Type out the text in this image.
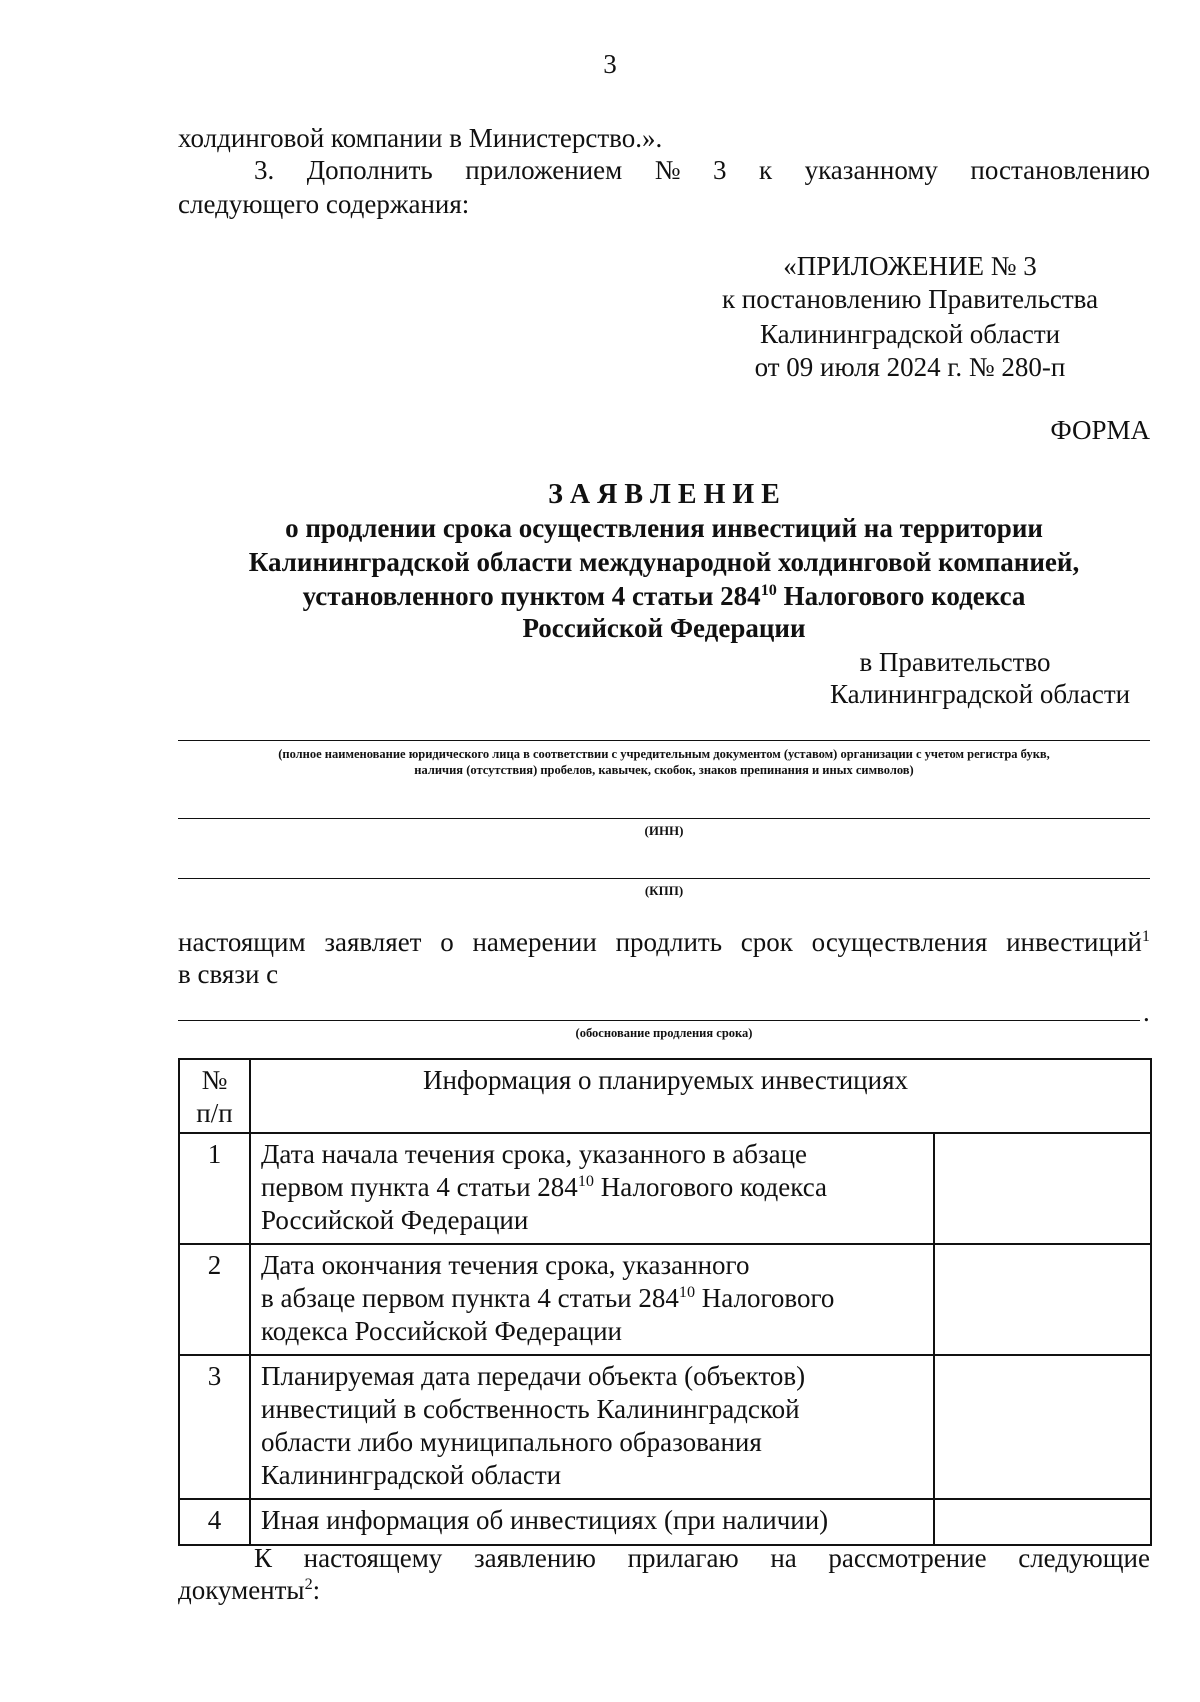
3
холдинговой компании в Министерство.».
3. Дополнить приложением № 3 к указанному постановлению
следующего содержания:
«ПРИЛОЖЕНИЕ № 3
к постановлению Правительства
Калининградской области
от 09 июля 2024 г. № 280-п
ФОРМА
З А Я В Л Е Н И Е
о продлении срока осуществления инвестиций на территории
Калининградской области международной холдинговой компанией,
установленного пунктом 4 статьи $284^{10}$ Налогового кодекса
Российской Федерации
в Правительство
Калининградской области
(полное наименование юридического лица в соответствии с учредительным документом (уставом) организации с учетом регистра букв,
наличия (отсутствия) пробелов, кавычек, скобок, знаков препинания и иных символов)
(ИНН)
(КПП)
настоящим заявляет о намерении продлить срок осуществления инвестиций$^1$
в связи с
.
(обоснование продления срока)
№ п/п	Информация о планируемых инвестициях	
1	Дата начала течения срока, указанного в абзаце
первом пункта 4 статьи $284^{10}$ Налогового кодекса
Российской Федерации	

2	Дата окончания течения срока, указанного
в абзаце первом пункта 4 статьи $284^{10}$ Налогового
кодекса Российской Федерации	

3	Планируемая дата передачи объекта (объектов)
инвестиций в собственность Калининградской
области либо муниципального образования
Калининградской области	

4	Иная информация об инвестициях (при наличии)	

К настоящему заявлению прилагаю на рассмотрение следующие
документы$^2$:
